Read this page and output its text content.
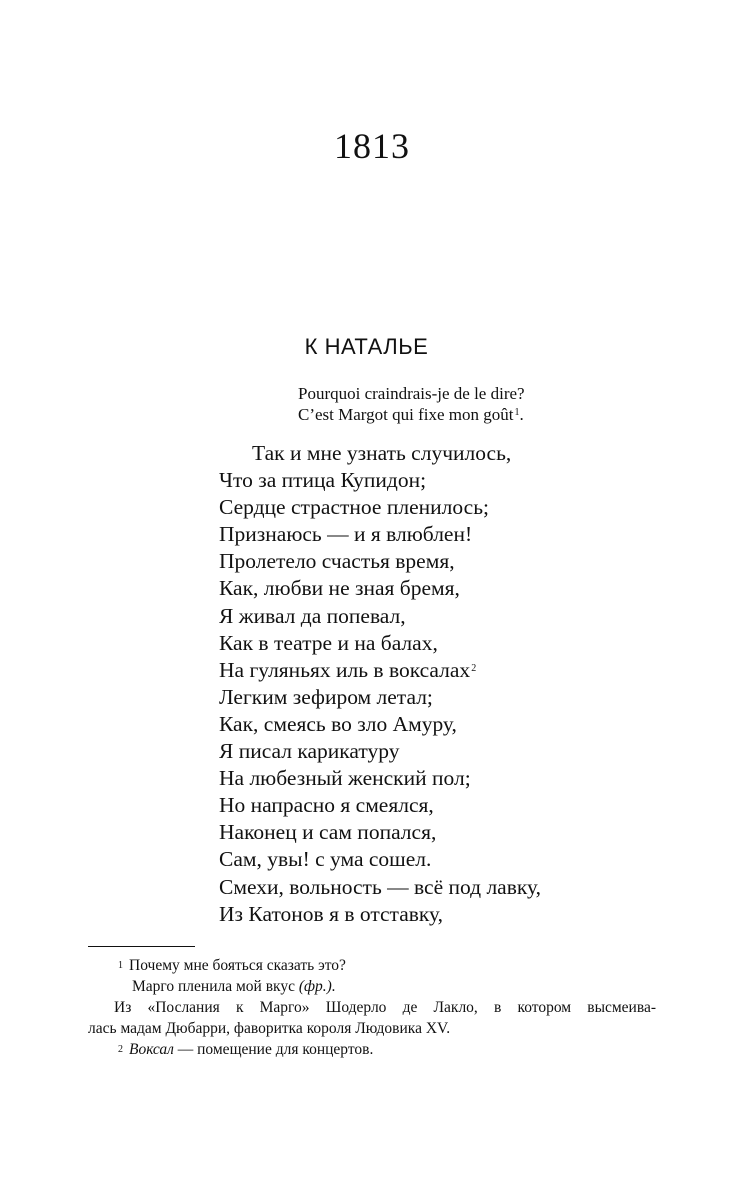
1813
К НАТАЛЬЕ
Pourquoi craindrais-je de le dire?
C’est Margot qui fixe mon goût$^1$.
Так и мне узнать случилось,
Что за птица Купидон;
Сердце страстное пленилось;
Признаюсь — и я влюблен!
Пролетело счастья время,
Как, любви не зная бремя,
Я живал да попевал,
Как в театре и на балах,
На гуляньях иль в воксалах$^2$
Легким зефиром летал;
Как, смеясь во зло Амуру,
Я писал карикатуру
На любезный женский пол;
Но напрасно я смеялся,
Наконец и сам попался,
Сам, увы! с ума сошел.
Смехи, вольность — всё под лавку,
Из Катонов я в отставку,
$^1$ Почему мне бояться сказать это?
Марго пленила мой вкус (фр.).
Из «Послания к Марго» Шодерло де Лакло, в котором высмеива-
лась мадам Дюбарри, фаворитка короля Людовика XV.
$^2$ Воксал — помещение для концертов.
